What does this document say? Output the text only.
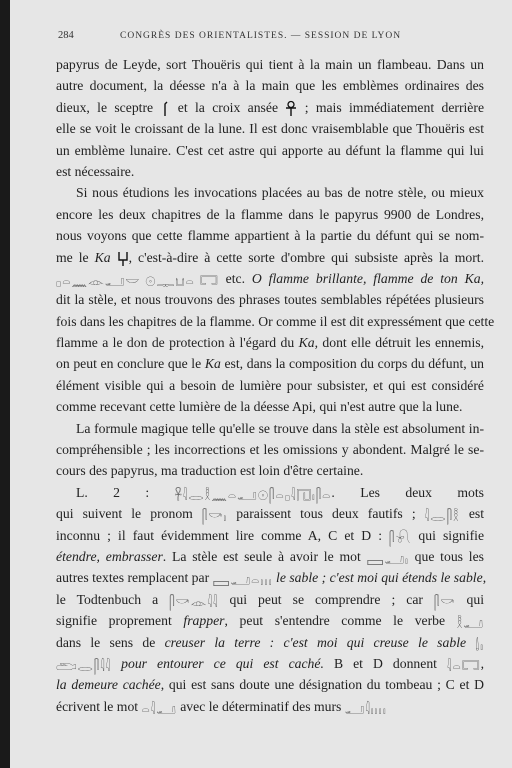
284	CONGRÈS DES ORIENTALISTES. — SESSION DE LYON
papyrus de Leyde, sort Thouëris qui tient à la main un flambeau. Dans un
autre document, la déesse n'a à la main que les emblèmes ordinaires des
dieux, le sceptre et la croix ansée ; mais immédiatement derrière
elle se voit le croissant de la lune. Il est donc vraisemblable que Thouëris est
un emblème lunaire. C'est cet astre qui apporte au défunt la flamme qui lui
est nécessaire.
Si nous étudions les invocations placées au bas de notre stèle, ou mieux
encore les deux chapitres de la flamme dans le papyrus 9900 de Londres,
nous voyons que cette flamme appartient à la partie du défunt qui se nom-
me le Ka , c'est-à-dire à cette sorte d'ombre qui subsiste après la mort.
𓊪𓏏𓈖𓁹𓂝𓎟 𓇳𓊃𓂓𓏏 𓉐 etc. O flamme brillante, flamme de ton Ka,
dit la stèle, et nous trouvons des phrases toutes semblables répétées plusieurs
fois dans les chapitres de la flamme. Or comme il est dit expressément que cette
flamme a le don de protection à l'égard du Ka, dont elle détruit les ennemis,
on peut en conclure que le Ka est, dans la composition du corps du défunt, un
élément visible qui a besoin de lumière pour subsister, et qui est considéré
comme recevant cette lumière de la déesse Api, qui n'est autre que la lune.
La formule magique telle qu'elle se trouve dans la stèle est absolument in-
compréhensible ; les incorrections et les omissions y abondent. Malgré le se-
cours des papyrus, ma traduction est loin d'être certaine.
L. 2 : 𓋹𓇋𓂋𓎛𓈖𓏏𓂝𓇳𓋴𓏏𓊪𓇋𓉔𓏤𓋴𓏏. Les deux mots
qui suivent le pronom 𓋴𓎡𓏤 paraissent tous deux fautifs ; 𓇋𓂋𓋴𓎛 est
inconnu ; il faut évidemment lire comme A, C et D : 𓋴𓍯 qui signifie
étendre, embrasser. La stèle est seule à avoir le mot 𓈙𓂝𓏤 que tous les
autres textes remplacent par 𓈙𓂝𓏏𓏥 le sable ; c'est moi qui étends le sable,
le Todtenbuch a 𓋴𓎡𓁹𓇋𓇋 qui peut se comprendre ; car 𓋴𓎡 qui
signifie proprement frapper, peut s'entendre comme le verbe 𓎛𓂝
dans le sens de creuser la terre : c'est moi qui creuse le sable 𓌃𓏤
𓂧𓂋𓋴𓇋𓇋 pour entourer ce qui est caché. B et D donnent 𓇋𓏏𓉐,
la demeure cachée, qui est sans doute une désignation du tombeau ; C et D
écrivent le mot 𓏏𓇋𓂝 avec le déterminatif des murs 𓂝𓇋𓏤𓏥
